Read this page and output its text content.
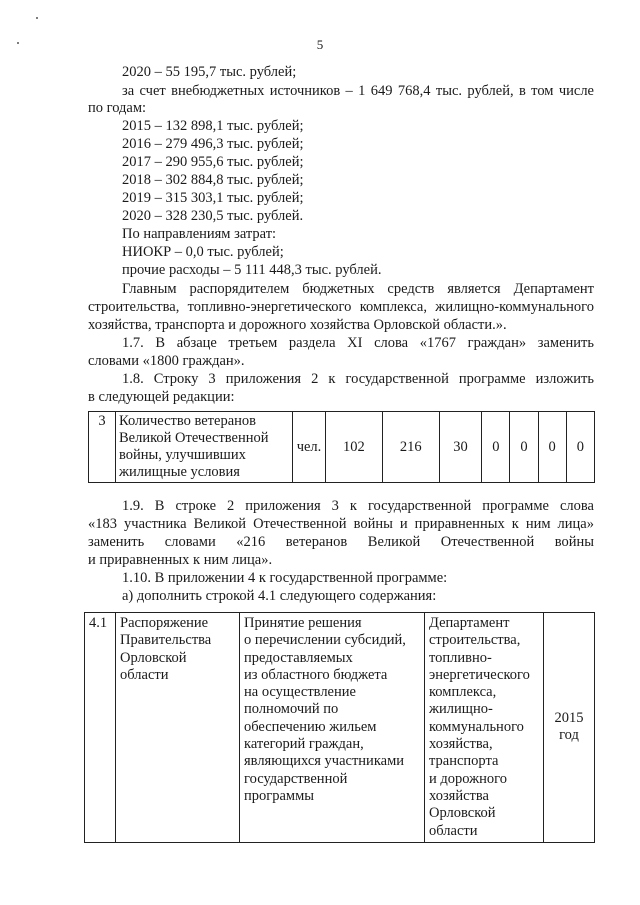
5
2020 – 55 195,7 тыс. рублей;
за счет внебюджетных источников – 1 649 768,4 тыс. рублей, в том числе
по годам:
2015 – 132 898,1 тыс. рублей;
2016 – 279 496,3 тыс. рублей;
2017 – 290 955,6 тыс. рублей;
2018 – 302 884,8 тыс. рублей;
2019 – 315 303,1 тыс. рублей;
2020 – 328 230,5 тыс. рублей.
По направлениям затрат:
НИОКР – 0,0 тыс. рублей;
прочие расходы – 5 111 448,3 тыс. рублей.
Главным распорядителем бюджетных средств является Департамент
строительства, топливно-энергетического комплекса, жилищно-коммунального
хозяйства, транспорта и дорожного хозяйства Орловской области.».
1.7. В абзаце третьем раздела XI слова «1767 граждан» заменить
словами «1800 граждан».
1.8. Строку 3 приложения 2 к государственной программе изложить
в следующей редакции:
3	Количество ветеранов
Великой Отечественной
войны, улучшивших
жилищные условия
	чел.	102	216	30	0	0	0	0
1.9. В строке 2 приложения 3 к государственной программе слова
«183 участника Великой Отечественной войны и приравненных к ним лица»
заменить словами «216 ветеранов Великой Отечественной войны
и приравненных к ним лица».
1.10. В приложении 4 к государственной программе:
а) дополнить строкой 4.1 следующего содержания:
4.1	Распоряжение
Правительства
Орловской
области

Принятие решения
о перечислении субсидий,
предоставляемых
из областного бюджета
на осуществление
полномочий по
обеспечению жильем
категорий граждан,
являющихся участниками
государственной
программы

Департамент
строительства,
топливно-
энергетического
комплекса,
жилищно-
коммунального
хозяйства,
транспорта
и дорожного
хозяйства
Орловской
области

2015
год
